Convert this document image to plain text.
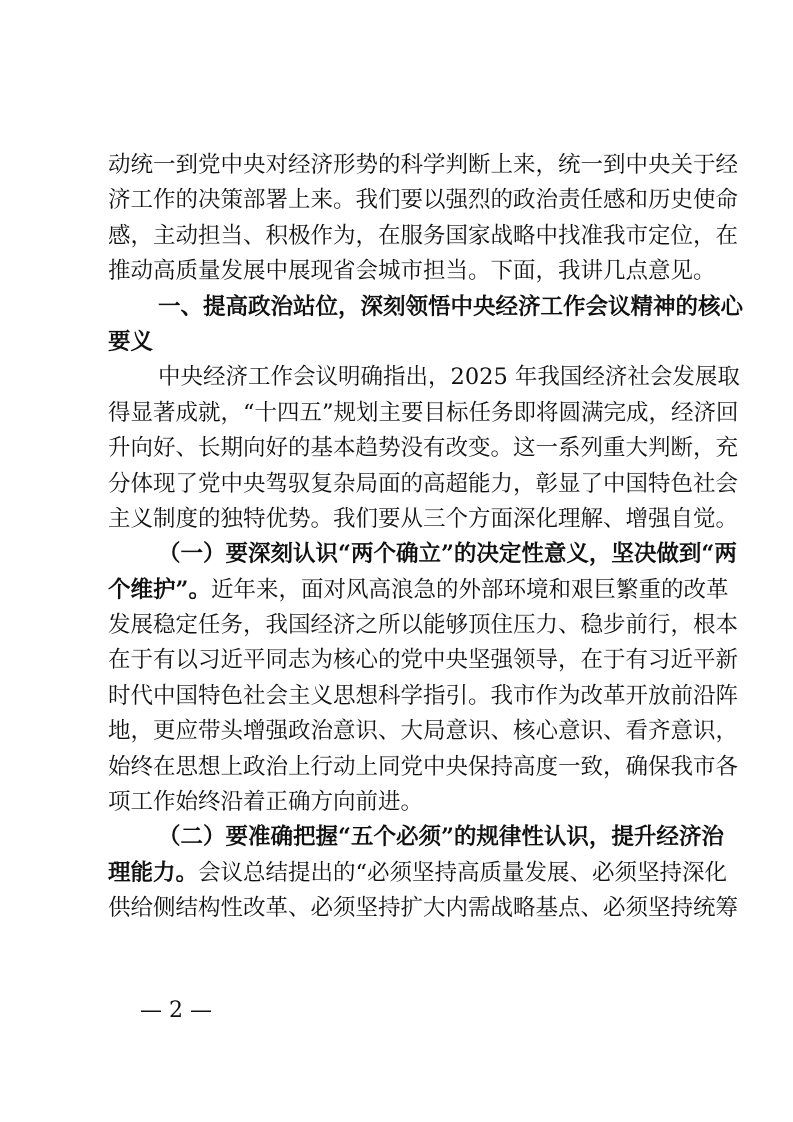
动统一到党中央对经济形势的科学判断上来，统一到中央关于经
济工作的决策部署上来。我们要以强烈的政治责任感和历史使命
感，主动担当、积极作为，在服务国家战略中找准我市定位，在
推动高质量发展中展现省会城市担当。下面，我讲几点意见。
一、提高政治站位，深刻领悟中央经济工作会议精神的核心
要义
中央经济工作会议明确指出，2025 年我国经济社会发展取
得显著成就，“十四五”规划主要目标任务即将圆满完成，经济回
升向好、长期向好的基本趋势没有改变。这一系列重大判断，充
分体现了党中央驾驭复杂局面的高超能力，彰显了中国特色社会
主义制度的独特优势。我们要从三个方面深化理解、增强自觉。
（一）要深刻认识“两个确立”的决定性意义，坚决做到“两
个维护”。近年来，面对风高浪急的外部环境和艰巨繁重的改革
发展稳定任务，我国经济之所以能够顶住压力、稳步前行，根本
在于有以习近平同志为核心的党中央坚强领导，在于有习近平新
时代中国特色社会主义思想科学指引。我市作为改革开放前沿阵
地，更应带头增强政治意识、大局意识、核心意识、看齐意识，
始终在思想上政治上行动上同党中央保持高度一致，确保我市各
项工作始终沿着正确方向前进。
（二）要准确把握“五个必须”的规律性认识，提升经济治
理能力。会议总结提出的“必须坚持高质量发展、必须坚持深化
供给侧结构性改革、必须坚持扩大内需战略基点、必须坚持统筹
— 2 —
